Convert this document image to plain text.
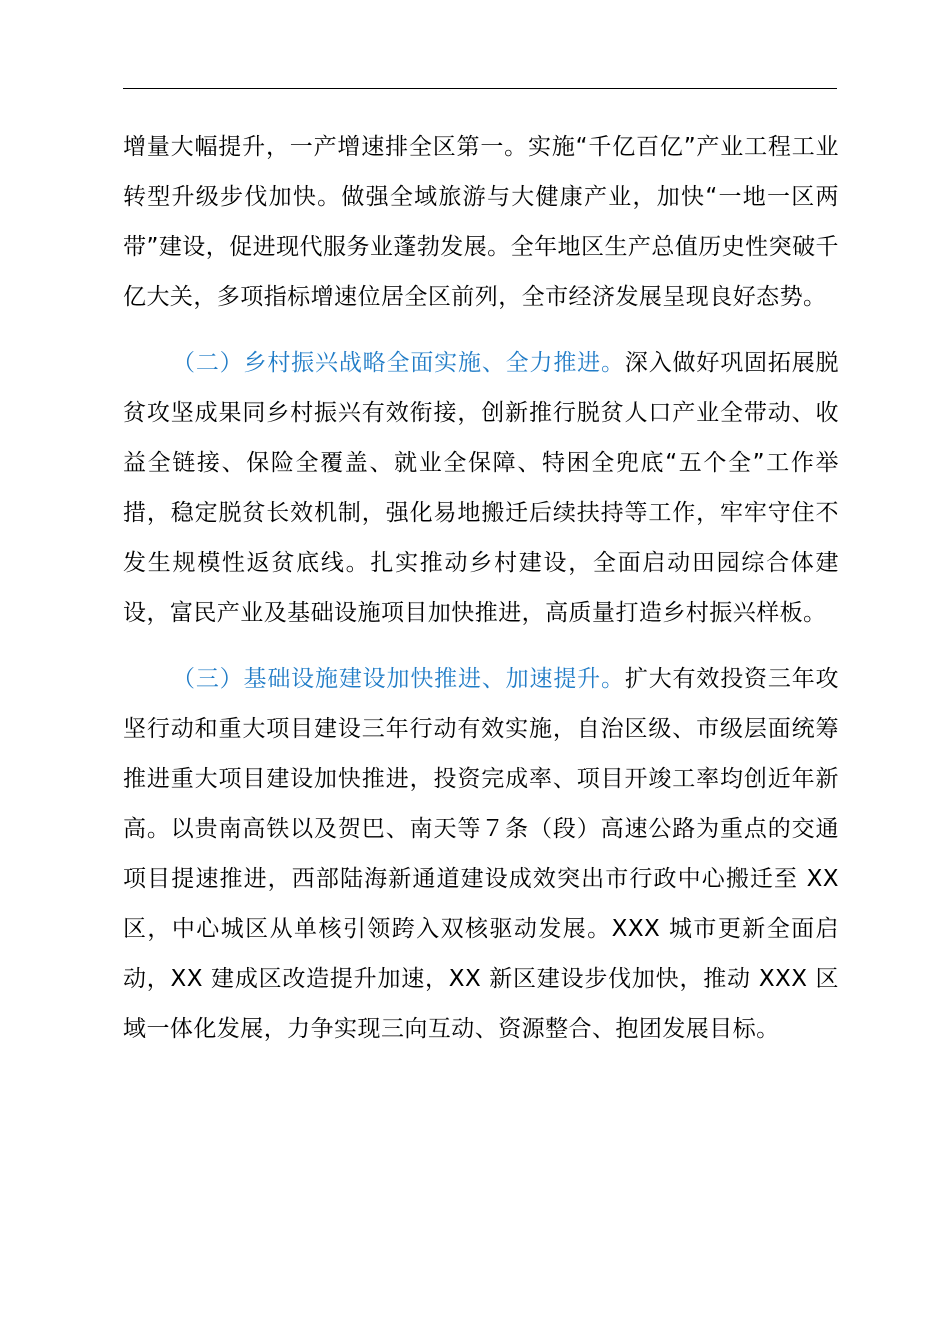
增量大幅提升，一产增速排全区第一。实施“千亿百亿”产业工程工业转型升级步伐加快。做强全域旅游与大健康产业，加快“一地一区两带”建设，促进现代服务业蓬勃发展。全年地区生产总值历史性突破千亿大关，多项指标增速位居全区前列，全市经济发展呈现良好态势。

（二）乡村振兴战略全面实施、全力推进。深入做好巩固拓展脱贫攻坚成果同乡村振兴有效衔接，创新推行脱贫人口产业全带动、收益全链接、保险全覆盖、就业全保障、特困全兜底“五个全”工作举措，稳定脱贫长效机制，强化易地搬迁后续扶持等工作，牢牢守住不发生规模性返贫底线。扎实推动乡村建设，全面启动田园综合体建设，富民产业及基础设施项目加快推进，高质量打造乡村振兴样板。

（三）基础设施建设加快推进、加速提升。扩大有效投资三年攻坚行动和重大项目建设三年行动有效实施，自治区级、市级层面统筹推进重大项目建设加快推进，投资完成率、项目开竣工率均创近年新高。以贵南高铁以及贺巴、南天等７条（段）高速公路为重点的交通项目提速推进，西部陆海新通道建设成效突出市行政中心搬迁至 XX 区，中心城区从单核引领跨入双核驱动发展。XXX 城市更新全面启动，XX 建成区改造提升加速，XX 新区建设步伐加快，推动 XXX 区域一体化发展，力争实现三向互动、资源整合、抱团发展目标。
